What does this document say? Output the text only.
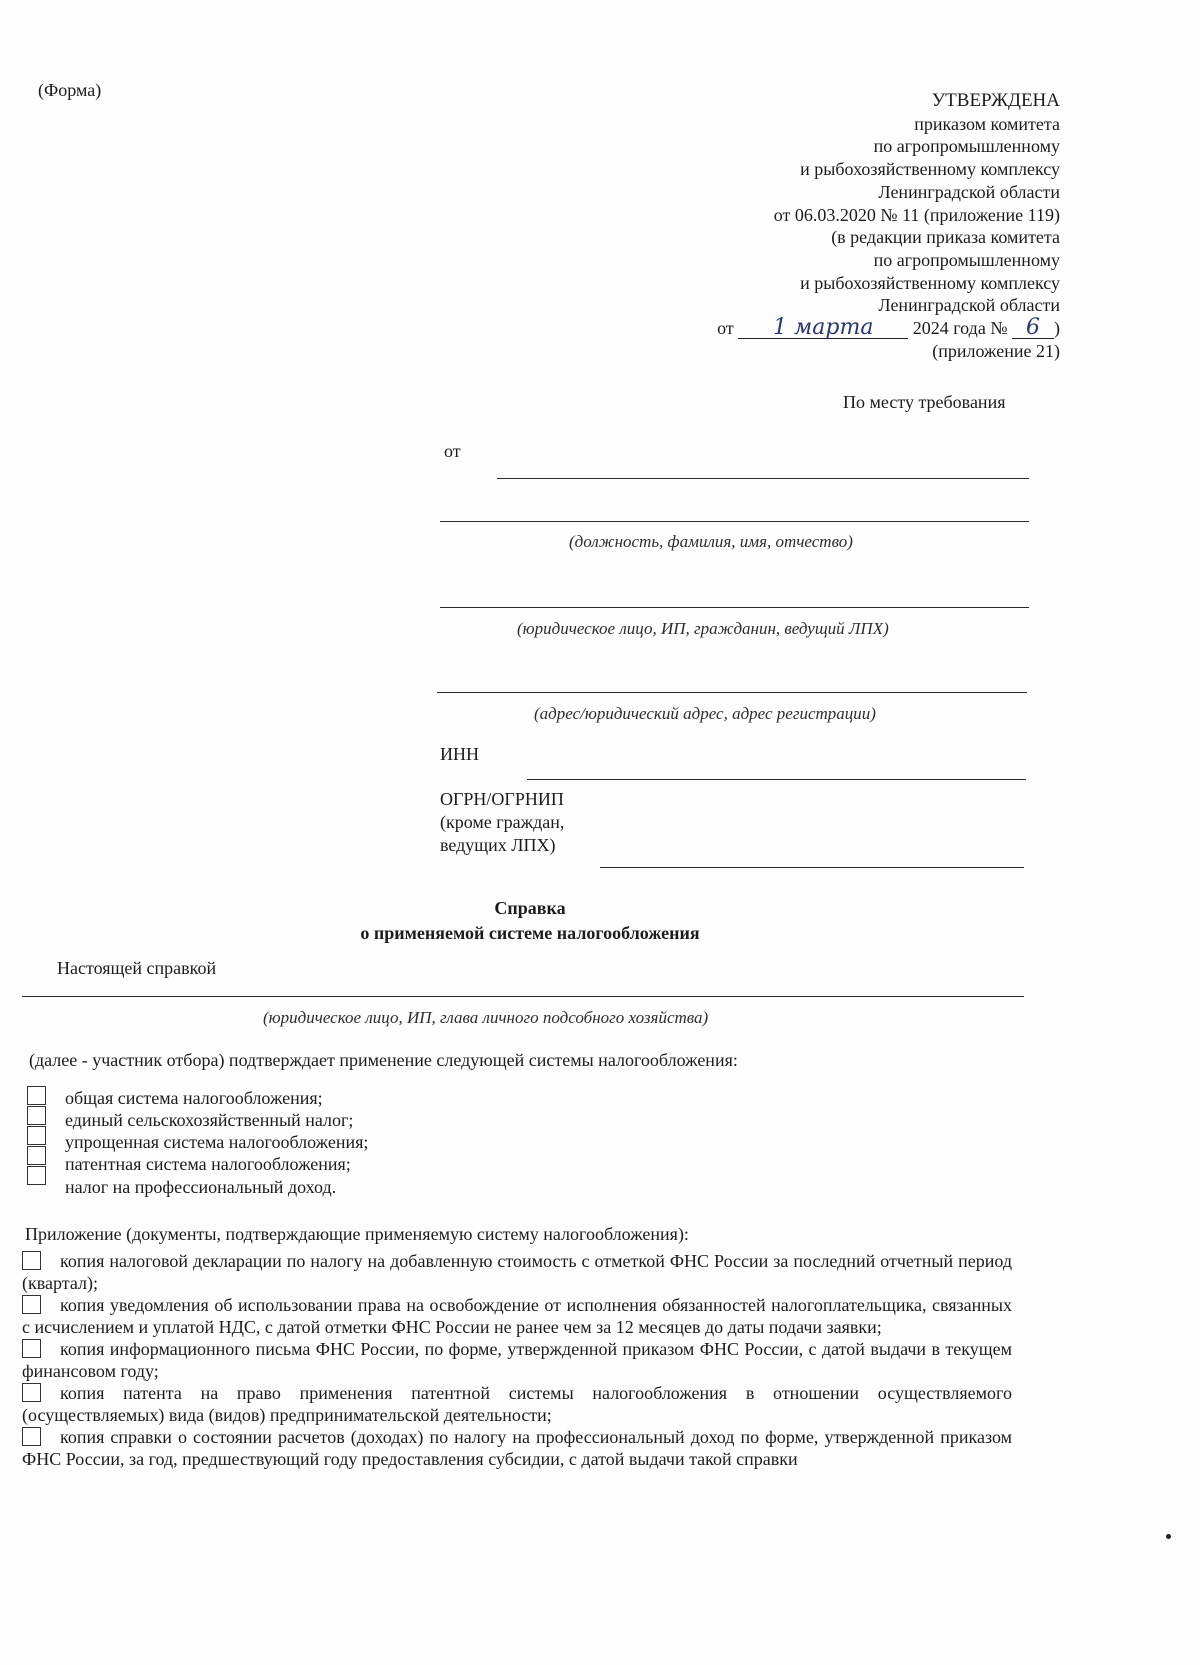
(Форма)	УТВЕРЖДЕНА
приказом комитета
по агропромышленному
и рыбохозяйственному комплексу
Ленинградской области
от 06.03.2020 № 11 (приложение 119)
(в редакции приказа комитета
по агропромышленному
и рыбохозяйственному комплексу
Ленинградской области
от 1 марта 2024 года № 6 )
(приложение 21)
По месту требования
от
(должность, фамилия, имя, отчество)
(юридическое лицо, ИП, гражданин, ведущий ЛПХ)
(адрес/юридический адрес, адрес регистрации)
ИНН
ОГРН/ОГРНИП
(кроме граждан,
ведущих ЛПХ)
Справка
о применяемой системе налогообложения
Настоящей справкой
(юридическое лицо, ИП, глава личного подсобного хозяйства)
(далее - участник отбора) подтверждает применение следующей системы налогообложения:
общая система налогообложения;
единый сельскохозяйственный налог;
упрощенная система налогообложения;
патентная система налогообложения;
налог на профессиональный доход.
Приложение (документы, подтверждающие применяемую систему налогообложения):

копия налоговой декларации по налогу на добавленную стоимость с отметкой ФНС России за последний отчетный период (квартал);

копия уведомления об использовании права на освобождение от исполнения обязанностей налогоплательщика, связанных с исчислением и уплатой НДС, с датой отметки ФНС России не ранее чем за 12 месяцев до даты подачи заявки;

копия информационного письма ФНС России, по форме, утвержденной приказом ФНС России, с датой выдачи в текущем финансовом году;

копия патента на право применения патентной системы налогообложения в отношении осуществляемого (осуществляемых) вида (видов) предпринимательской деятельности;

копия справки о состоянии расчетов (доходах) по налогу на профессиональный доход по форме, утвержденной приказом ФНС России, за год, предшествующий году предоставления субсидии, с датой выдачи такой справки
